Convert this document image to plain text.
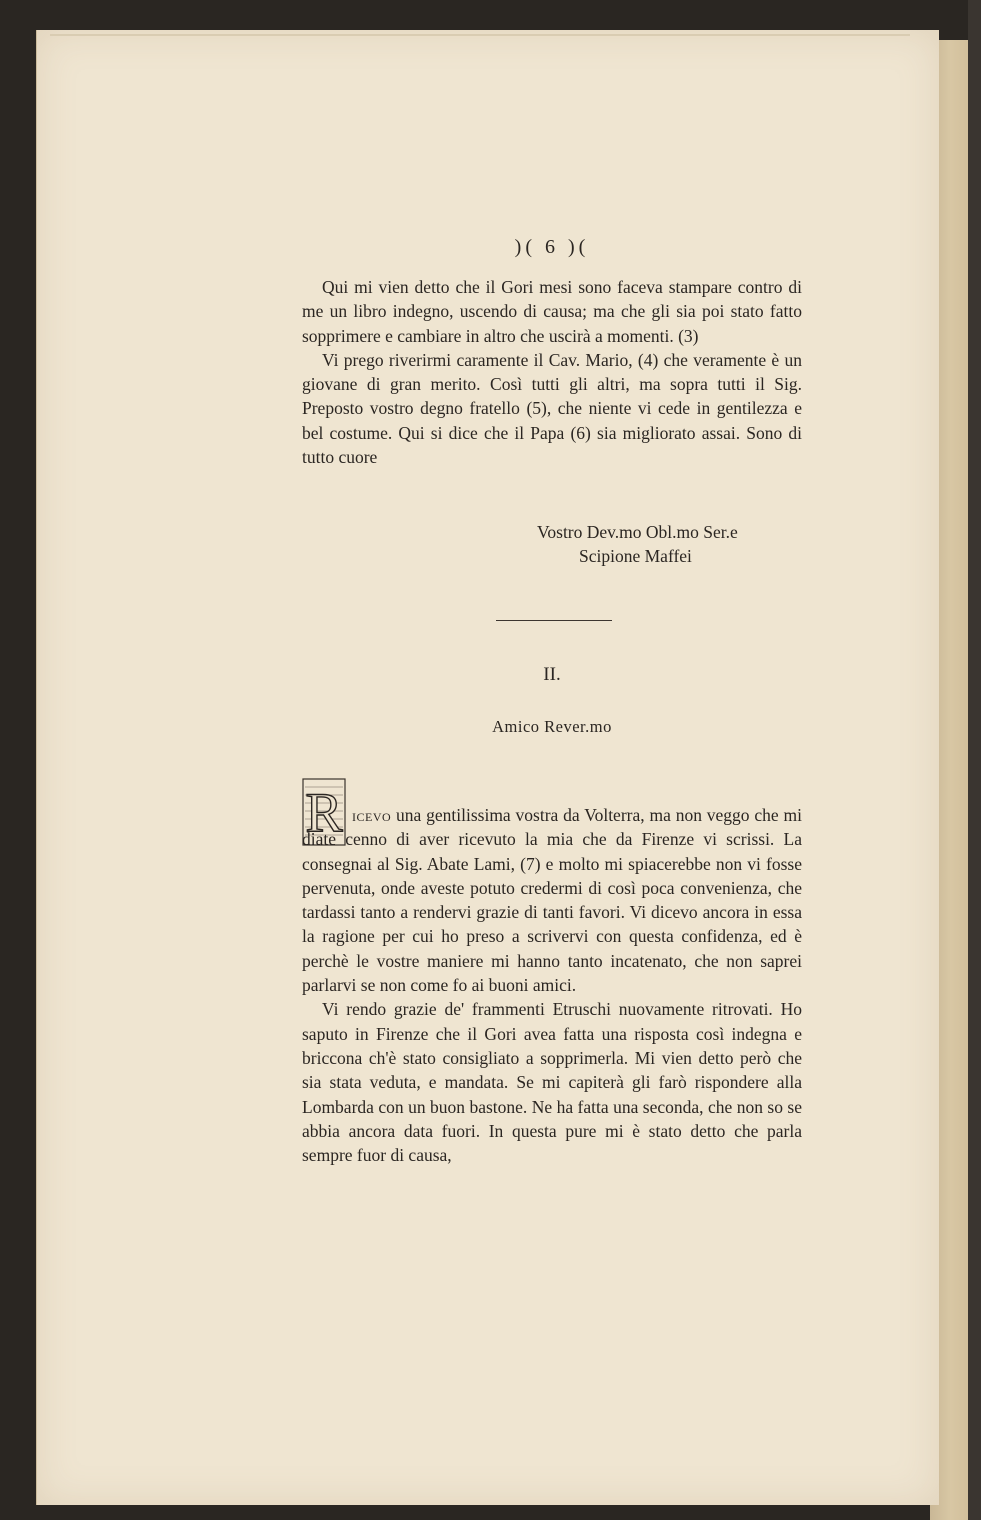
)( 6 )(

Qui mi vien detto che il Gori mesi sono faceva stampare contro di me un libro indegno, uscendo di causa; ma che gli sia poi stato fatto sopprimere e cambiare in altro che uscirà a momenti. (3)

Vi prego riverirmi caramente il Cav. Mario, (4) che veramente è un giovane di gran merito. Così tutti gli altri, ma sopra tutti il Sig. Preposto vostro degno fratello (5), che niente vi cede in gentilezza e bel costume. Qui si dice che il Papa (6) sia migliorato assai. Sono di tutto cuore

Vostro Dev.mo Obl.mo Ser.e
Scipione Maffei
II.
Amico Rever.mo
R icevo una gentilissima vostra da Volterra, ma non veggo che mi diate cenno di aver ricevuto la mia che da Firenze vi scrissi. La consegnai al Sig. Abate Lami, (7) e molto mi spiacerebbe non vi fosse pervenuta, onde aveste potuto credermi di così poca convenienza, che tardassi tanto a rendervi grazie di tanti favori. Vi dicevo ancora in essa la ragione per cui ho preso a scrivervi con questa confidenza, ed è perchè le vostre maniere mi hanno tanto incatenato, che non saprei parlarvi se non come fo ai buoni amici.

Vi rendo grazie de' frammenti Etruschi nuovamente ritrovati. Ho saputo in Firenze che il Gori avea fatta una risposta così indegna e briccona ch'è stato consigliato a sopprimerla. Mi vien detto però che sia stata veduta, e mandata. Se mi capiterà gli farò rispondere alla Lombarda con un buon bastone. Ne ha fatta una seconda, che non so se abbia ancora data fuori. In questa pure mi è stato detto che parla sempre fuor di causa,
